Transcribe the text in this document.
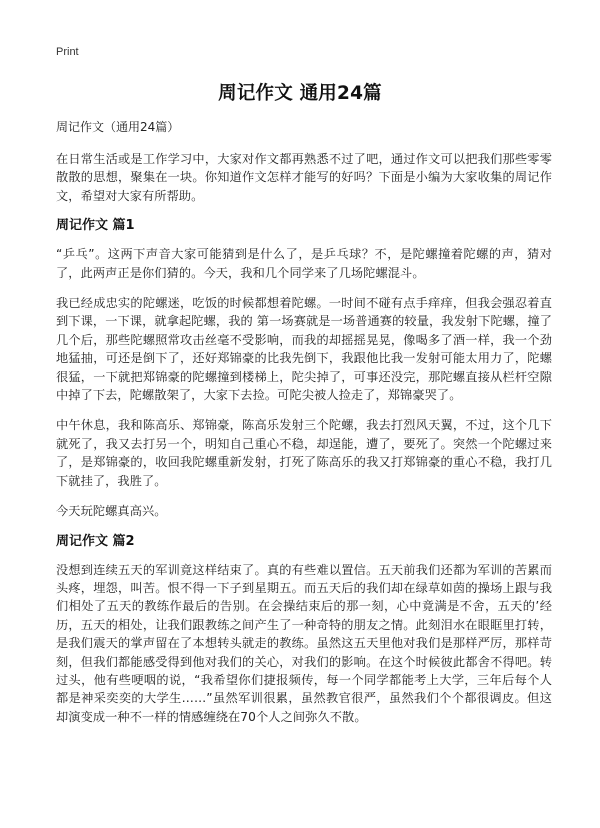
Print
周记作文 通用24篇
周记作文（通用24篇）

在日常生活或是工作学习中，大家对作文都再熟悉不过了吧，通过作文可以把我们那些零零散散的思想，聚集在一块。你知道作文怎样才能写的好吗？下面是小编为大家收集的周记作文，希望对大家有所帮助。

周记作文 篇1

“乒乓”。这两下声音大家可能猜到是什么了，是乒乓球？不，是陀螺撞着陀螺的声，猜对了，此两声正是你们猜的。今天，我和几个同学来了几场陀螺混斗。

我已经成忠实的陀螺迷，吃饭的时候都想着陀螺。一时间不碰有点手痒痒，但我会强忍着直到下课，一下课，就拿起陀螺，我的 第一场赛就是一场普通赛的较量，我发射下陀螺，撞了几个后，那些陀螺照常攻击丝毫不受影响，而我的却摇摇晃晃，像喝多了酒一样，我一个劲地猛抽，可还是倒下了，还好郑锦豪的比我先倒下，我跟他比我一发射可能太用力了，陀螺很猛，一下就把郑锦豪的陀螺撞到楼梯上，陀尖掉了，可事还没完，那陀螺直接从栏杆空隙中掉了下去，陀螺散架了，大家下去捡。可陀尖被人捡走了，郑锦豪哭了。

中午休息，我和陈高乐、郑锦豪，陈高乐发射三个陀螺，我去打烈风天翼，不过，这个几下就死了，我又去打另一个，明知自己重心不稳，却逞能，遭了，要死了。突然一个陀螺过来了，是郑锦豪的，收回我陀螺重新发射，打死了陈高乐的我又打郑锦豪的重心不稳，我打几下就挂了，我胜了。

今天玩陀螺真高兴。

周记作文 篇2

没想到连续五天的军训竟这样结束了。真的有些难以置信。五天前我们还都为军训的苦累而头疼，埋怨，叫苦。恨不得一下子到星期五。而五天后的我们却在绿草如茵的操场上跟与我们相处了五天的教练作最后的告别。在会操结束后的那一刻，心中竟满是不舍，五天的’经历，五天的相处，让我们跟教练之间产生了一种奇特的朋友之情。此刻泪水在眼眶里打转，是我们震天的掌声留在了本想转头就走的教练。虽然这五天里他对我们是那样严厉，那样苛刻，但我们都能感受得到他对我们的关心，对我们的影响。在这个时候彼此都舍不得吧。转过头，他有些哽咽的说，“我希望你们捷报频传，每一个同学都能考上大学，三年后每个人都是神采奕奕的大学生……”虽然军训很累，虽然教官很严，虽然我们个个都很调皮。但这却演变成一种不一样的情感缠绕在70个人之间弥久不散。
